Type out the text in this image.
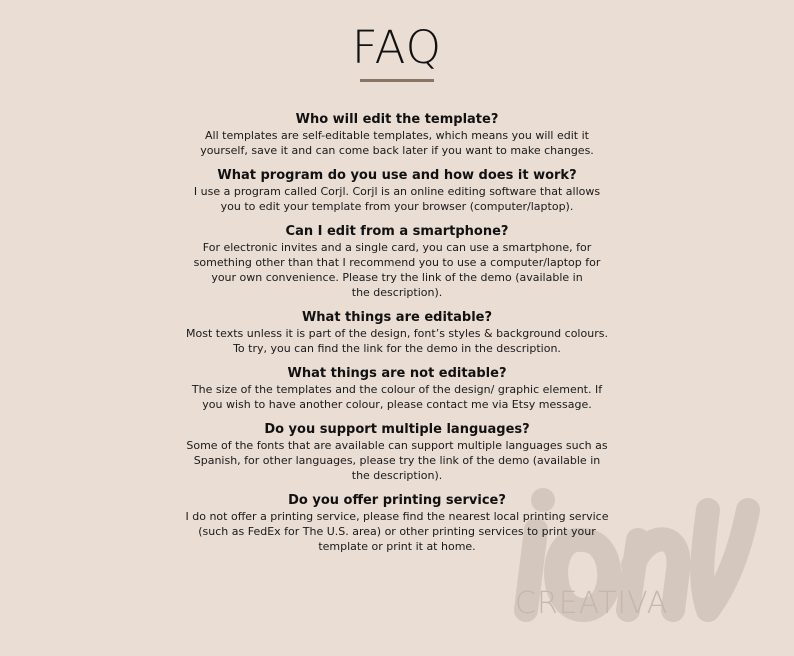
FAQ
CREATIVA

Who will edit the template?

All templates are self-editable templates, which means you will edit it
yourself, save it and can come back later if you want to make changes.

What program do you use and how does it work?

I use a program called Corjl. Corjl is an online editing software that allows
you to edit your template from your browser (computer/laptop).

Can I edit from a smartphone?

For electronic invites and a single card, you can use a smartphone, for
something other than that I recommend you to use a computer/laptop for
your own convenience. Please try the link of the demo (available in
the description).

What things are editable?

Most texts unless it is part of the design, font’s styles & background colours.
To try, you can find the link for the demo in the description.

What things are not editable?

The size of the templates and the colour of the design/ graphic element. If
you wish to have another colour, please contact me via Etsy message.

Do you support multiple languages?

Some of the fonts that are available can support multiple languages such as
Spanish, for other languages, please try the link of the demo (available in
the description).

Do you offer printing service?

I do not offer a printing service, please find the nearest local printing service
(such as FedEx for The U.S. area) or other printing services to print your
template or print it at home.
